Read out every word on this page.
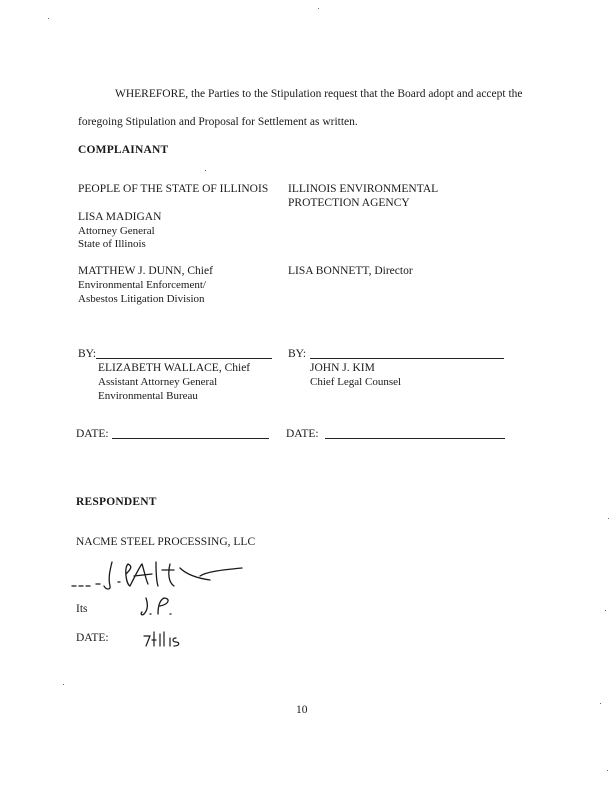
WHEREFORE, the Parties to the Stipulation request that the Board adopt and accept the
foregoing Stipulation and Proposal for Settlement as written.
COMPLAINANT
PEOPLE OF THE STATE OF ILLINOIS ILLINOIS ENVIRONMENTAL
PROTECTION AGENCY
LISA MADIGAN
Attorney General
State of Illinois
MATTHEW J. DUNN, Chief
Environmental Enforcement/
Asbestos Litigation Division
LISA BONNETT, Director
BY:
ELIZABETH WALLACE, Chief
Assistant Attorney General
Environmental Bureau
BY:
JOHN J. KIM
Chief Legal Counsel
DATE:	DATE:
RESPONDENT
NACME STEEL PROCESSING, LLC
Its
DATE:
10
